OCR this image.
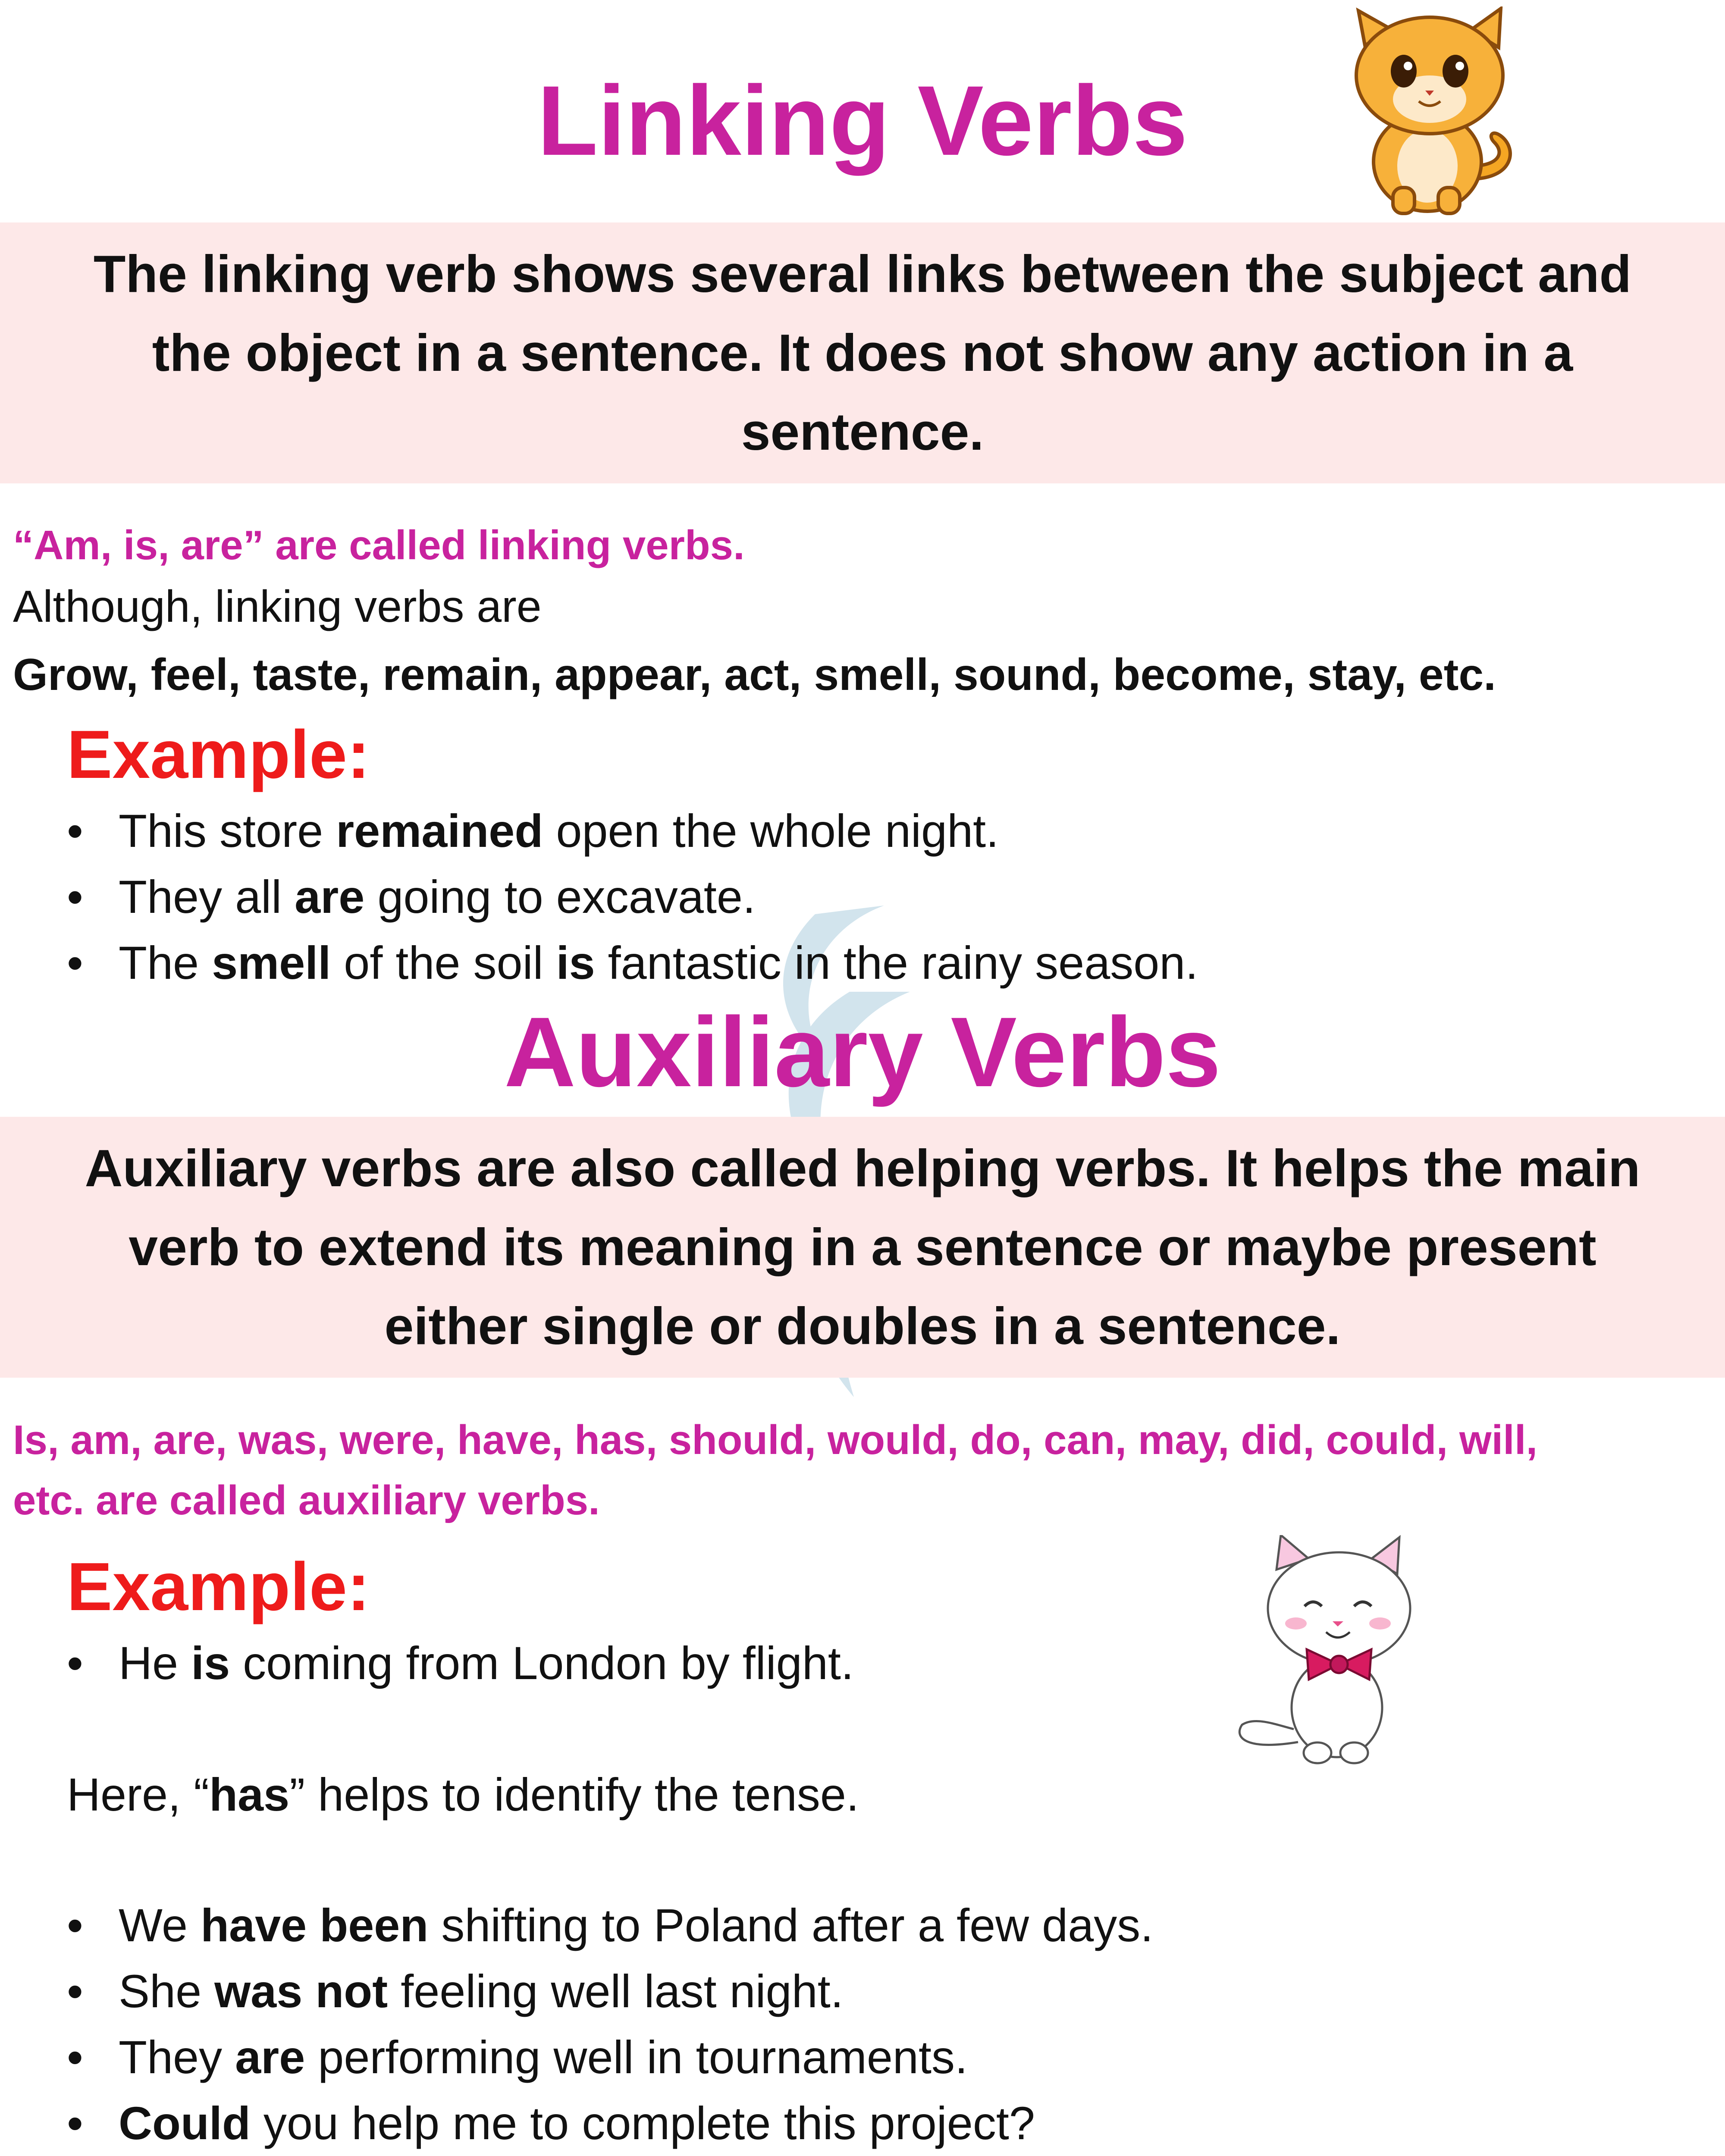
Linking Verbs

The linking verb shows several links between the subject and the object in a sentence. It does not show any action in a sentence.

“Am, is, are” are called linking verbs.
Although, linking verbs are
Grow, feel, taste, remain, appear, act, smell, sound, become, stay, etc.
Example:
• This store remained open the whole night.
• They all are going to excavate.
• The smell of the soil is fantastic in the rainy season.
Auxiliary Verbs

Auxiliary verbs are also called helping verbs. It helps the main verb to extend its meaning in a sentence or maybe present either single or doubles in a sentence.

Is, am, are, was, were, have, has, should, would, do, can, may, did, could, will,
etc. are called auxiliary verbs.
Example:
• He is coming from London by flight.
Here, “has” helps to identify the tense.
• We have been shifting to Poland after a few days.
• She was not feeling well last night.
• They are performing well in tournaments.
• Could you help me to complete this project?
